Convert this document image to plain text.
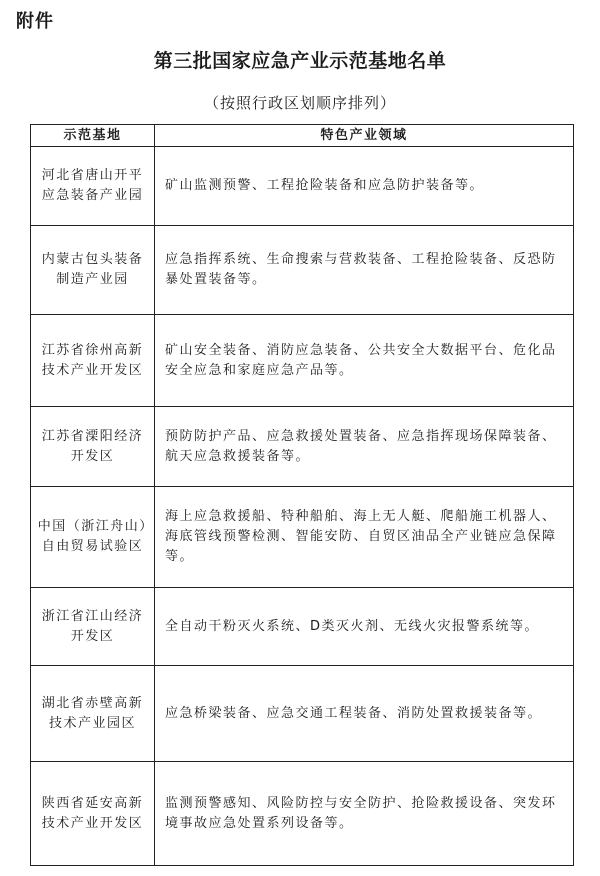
附件
第三批国家应急产业示范基地名单
（按照行政区划顺序排列）
示范基地	特色产业领域
河北省唐山开平应急装备产业园	矿山监测预警、工程抢险装备和应急防护装备等。
内蒙古包头装备制造产业园	应急指挥系统、生命搜索与营救装备、工程抢险装备、反恐防暴处置装备等。
江苏省徐州高新技术产业开发区	矿山安全装备、消防应急装备、公共安全大数据平台、危化品安全应急和家庭应急产品等。
江苏省溧阳经济开发区	预防防护产品、应急救援处置装备、应急指挥现场保障装备、航天应急救援装备等。
中国（浙江舟山）自由贸易试验区	海上应急救援船、特种船舶、海上无人艇、爬船施工机器人、海底管线预警检测、智能安防、自贸区油品全产业链应急保障等。
浙江省江山经济开发区	全自动干粉灭火系统、D类灭火剂、无线火灾报警系统等。
湖北省赤壁高新技术产业园区	应急桥梁装备、应急交通工程装备、消防处置救援装备等。
陕西省延安高新技术产业开发区	监测预警感知、风险防控与安全防护、抢险救援设备、突发环境事故应急处置系列设备等。
